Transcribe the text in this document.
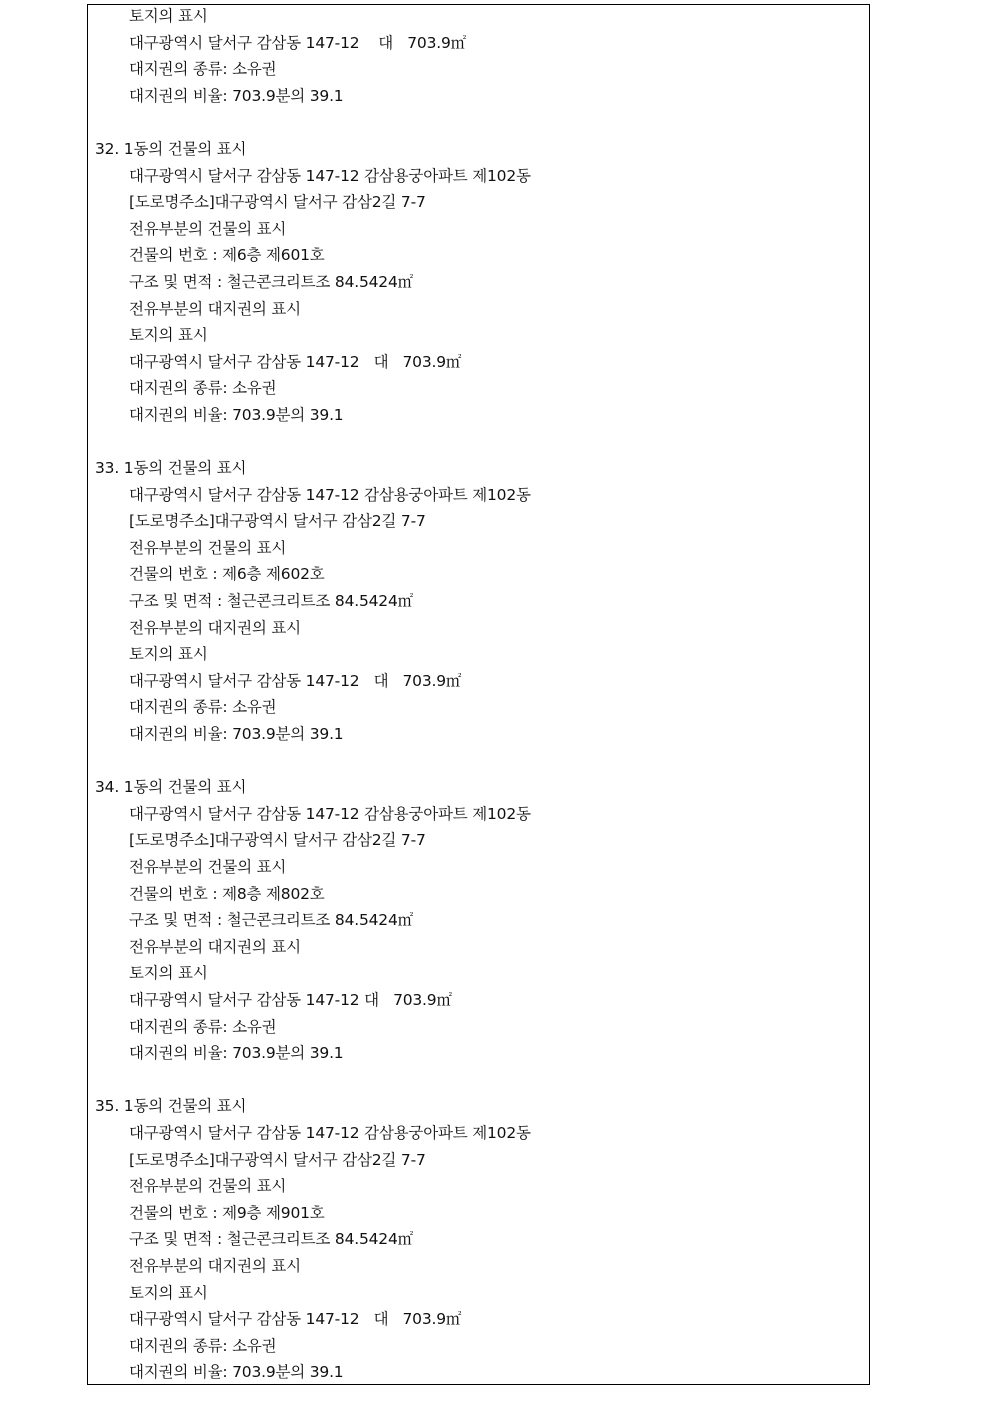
토지의 표시
대구광역시 달서구 감삼동 147-12    대   703.9㎡
대지권의 종류: 소유권
대지권의 비율: 703.9분의 39.1
32. 1동의 건물의 표시
대구광역시 달서구 감삼동 147-12 감삼용궁아파트 제102동
[도로명주소]대구광역시 달서구 감삼2길 7-7
전유부분의 건물의 표시
건물의 번호 : 제6층 제601호
구조 및 면적 : 철근콘크리트조 84.5424㎡
전유부분의 대지권의 표시
토지의 표시
대구광역시 달서구 감삼동 147-12   대   703.9㎡
대지권의 종류: 소유권
대지권의 비율: 703.9분의 39.1
33. 1동의 건물의 표시
대구광역시 달서구 감삼동 147-12 감삼용궁아파트 제102동
[도로명주소]대구광역시 달서구 감삼2길 7-7
전유부분의 건물의 표시
건물의 번호 : 제6층 제602호
구조 및 면적 : 철근콘크리트조 84.5424㎡
전유부분의 대지권의 표시
토지의 표시
대구광역시 달서구 감삼동 147-12   대   703.9㎡
대지권의 종류: 소유권
대지권의 비율: 703.9분의 39.1
34. 1동의 건물의 표시
대구광역시 달서구 감삼동 147-12 감삼용궁아파트 제102동
[도로명주소]대구광역시 달서구 감삼2길 7-7
전유부분의 건물의 표시
건물의 번호 : 제8층 제802호
구조 및 면적 : 철근콘크리트조 84.5424㎡
전유부분의 대지권의 표시
토지의 표시
대구광역시 달서구 감삼동 147-12 대   703.9㎡
대지권의 종류: 소유권
대지권의 비율: 703.9분의 39.1
35. 1동의 건물의 표시
대구광역시 달서구 감삼동 147-12 감삼용궁아파트 제102동
[도로명주소]대구광역시 달서구 감삼2길 7-7
전유부분의 건물의 표시
건물의 번호 : 제9층 제901호
구조 및 면적 : 철근콘크리트조 84.5424㎡
전유부분의 대지권의 표시
토지의 표시
대구광역시 달서구 감삼동 147-12   대   703.9㎡
대지권의 종류: 소유권
대지권의 비율: 703.9분의 39.1
